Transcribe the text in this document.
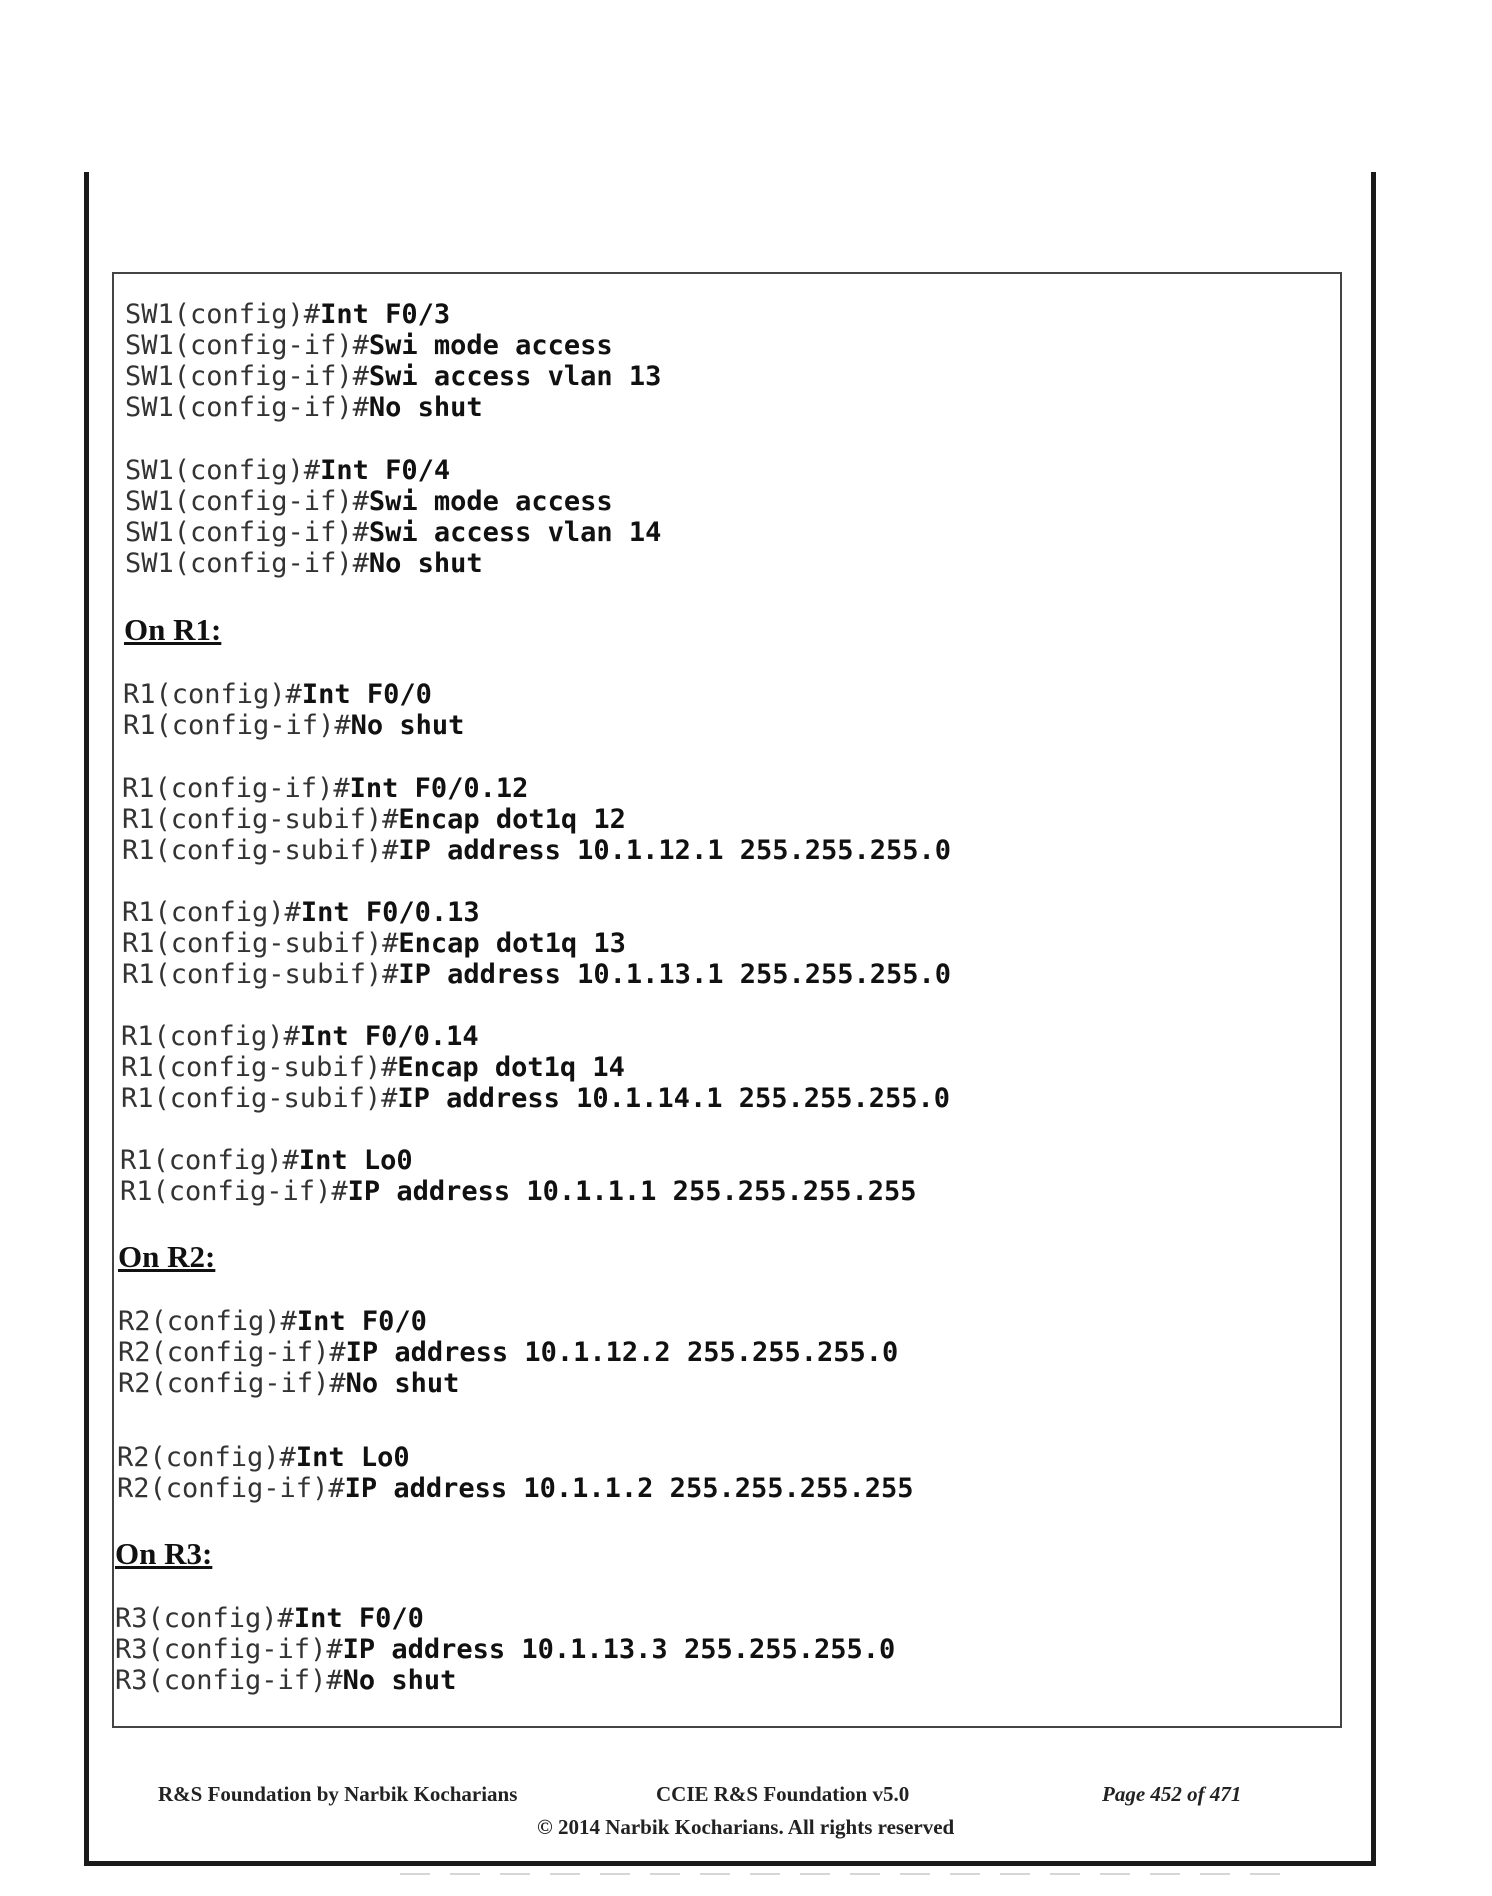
SW1(config)#Int F0/3
SW1(config-if)#Swi mode access
SW1(config-if)#Swi access vlan 13
SW1(config-if)#No shut
SW1(config)#Int F0/4
SW1(config-if)#Swi mode access
SW1(config-if)#Swi access vlan 14
SW1(config-if)#No shut
On R1:
R1(config)#Int F0/0
R1(config-if)#No shut
R1(config-if)#Int F0/0.12
R1(config-subif)#Encap dot1q 12
R1(config-subif)#IP address 10.1.12.1 255.255.255.0
R1(config)#Int F0/0.13
R1(config-subif)#Encap dot1q 13
R1(config-subif)#IP address 10.1.13.1 255.255.255.0
R1(config)#Int F0/0.14
R1(config-subif)#Encap dot1q 14
R1(config-subif)#IP address 10.1.14.1 255.255.255.0
R1(config)#Int Lo0
R1(config-if)#IP address 10.1.1.1 255.255.255.255
On R2:
R2(config)#Int F0/0
R2(config-if)#IP address 10.1.12.2 255.255.255.0
R2(config-if)#No shut
R2(config)#Int Lo0
R2(config-if)#IP address 10.1.1.2 255.255.255.255
On R3:
R3(config)#Int F0/0
R3(config-if)#IP address 10.1.13.3 255.255.255.0
R3(config-if)#No shut
R&S Foundation by Narbik Kocharians	CCIE R&S Foundation v5.0	Page 452 of 471
© 2014 Narbik Kocharians. All rights reserved
